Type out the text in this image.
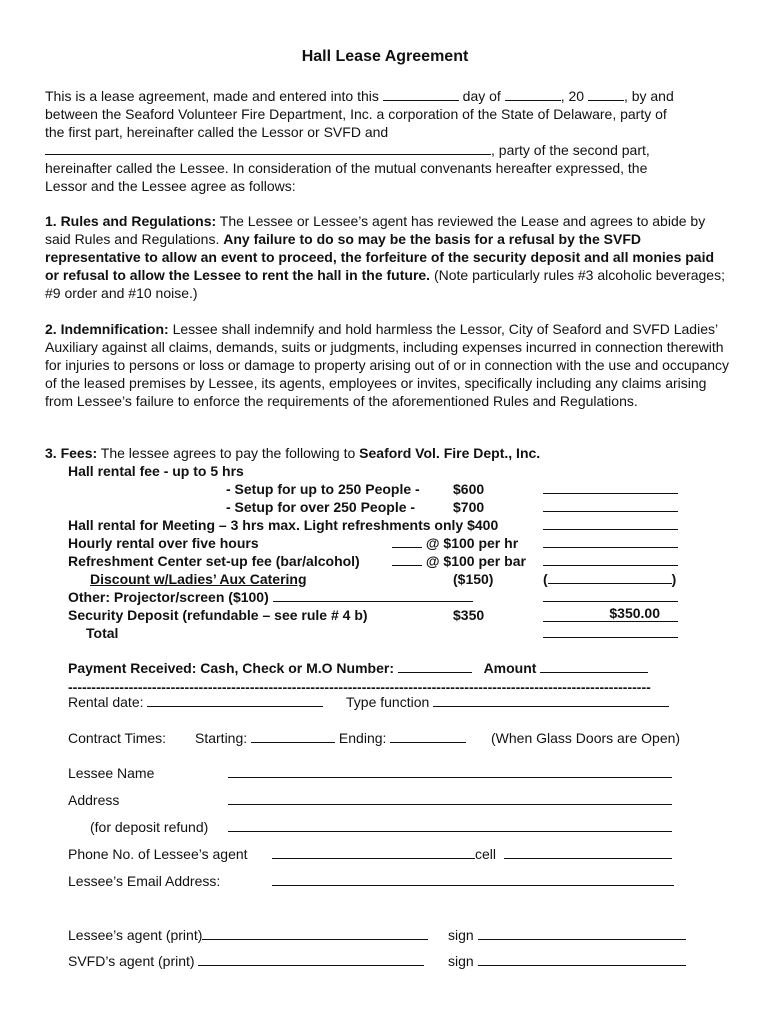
Hall Lease Agreement
This is a lease agreement, made and entered into this	day of	, 20	, by and
between the Seaford Volunteer Fire Department, Inc. a corporation of the State of Delaware, party of
the first part, hereinafter called the Lessor or SVFD and
, party of the second part,
hereinafter called the Lessee. In consideration of the mutual convenants hereafter expressed, the
Lessor and the Lessee agree as follows:

1. Rules and Regulations: The Lessee or Lessee’s agent has reviewed the Lease and agrees to abide by said Rules and Regulations. Any failure to do so may be the basis for a refusal by the SVFD representative to allow an event to proceed, the forfeiture of the security deposit and all monies paid or refusal to allow the Lessee to rent the hall in the future. (Note particularly rules #3 alcoholic beverages; #9 order and #10 noise.)

2. Indemnification: Lessee shall indemnify and hold harmless the Lessor, City of Seaford and SVFD Ladies’ Auxiliary against all claims, demands, suits or judgments, including expenses incurred in connection therewith for injuries to persons or loss or damage to property arising out of or in connection with the use and occupancy of the leased premises by Lessee, its agents, employees or invites, specifically including any claims arising from Lessee’s failure to enforce the requirements of the aforementioned Rules and Regulations.

3. Fees: The lessee agrees to pay the following to Seaford Vol. Fire Dept., Inc.
Hall rental fee - up to 5 hrs
- Setup for up to 250 People - $600
- Setup for over 250 People -	$700
Hall rental for Meeting – 3 hrs max. Light refreshments only $400
Hourly rental over five hours	@ $100 per hr
Refreshment Center set-up fee (bar/alcohol)	@ $100 per bar
Discount w/Ladies’ Aux Catering	($150)	(	)
Other: Projector/screen ($100)
Security Deposit (refundable – see rule # 4 b)	$350	$350.00
Total
Payment Received: Cash, Check or M.O Number:	Amount
-----------------------------------------------------------------------------------------------------------------------------
Rental date:	Type function
Contract Times: Starting:	Ending:	(When Glass Doors are Open)
Lessee Name
Address
(for deposit refund)
Phone No. of Lessee’s agent	cell
Lessee’s Email Address:
Lessee’s agent (print)	sign
SVFD’s agent (print)	sign
